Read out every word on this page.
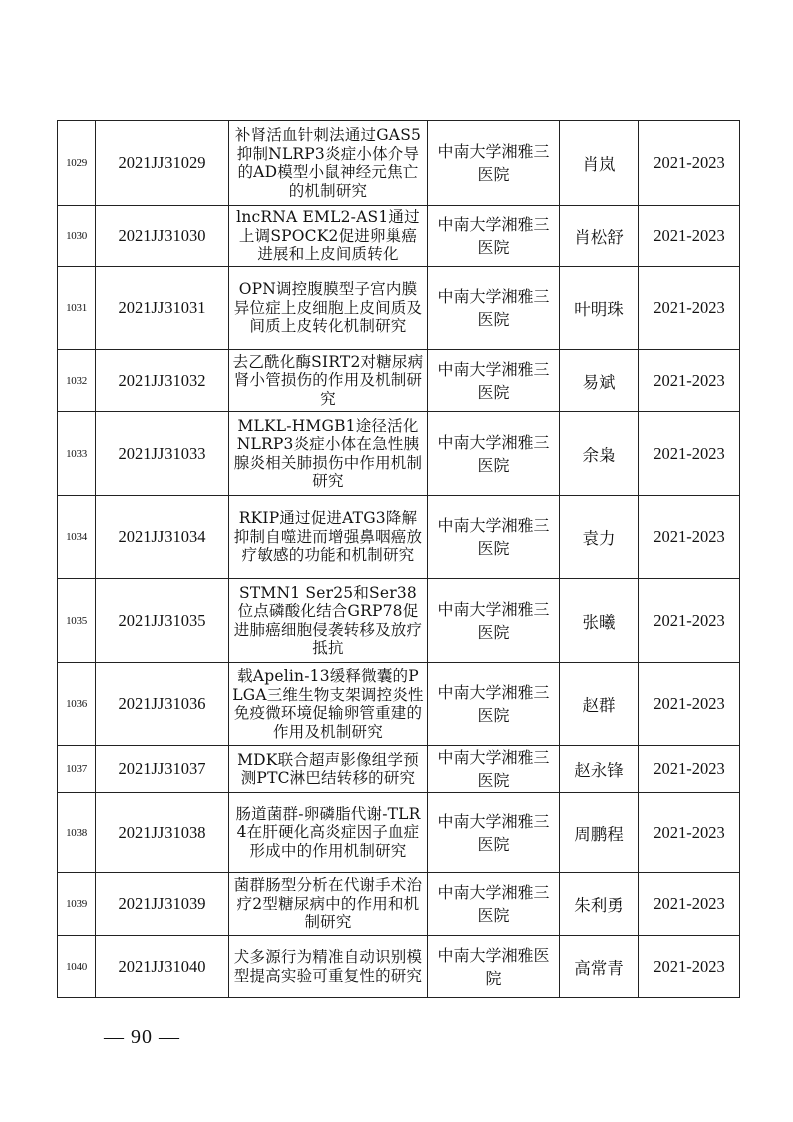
1029	2021JJ31029	补肾活血针刺法通过GAS5抑制NLRP3炎症小体介导的AD模型小鼠神经元焦亡的机制研究	中南大学湘雅三医院	肖岚	2021-2023
1030	2021JJ31030	lncRNA EML2-AS1通过上调SPOCK2促进卵巢癌进展和上皮间质转化	中南大学湘雅三医院	肖松舒	2021-2023
1031	2021JJ31031	OPN调控腹膜型子宫内膜异位症上皮细胞上皮间质及间质上皮转化机制研究	中南大学湘雅三医院	叶明珠	2021-2023
1032	2021JJ31032	去乙酰化酶SIRT2对糖尿病肾小管损伤的作用及机制研究	中南大学湘雅三医院	易斌	2021-2023
1033	2021JJ31033	MLKL-HMGB1途径活化NLRP3炎症小体在急性胰腺炎相关肺损伤中作用机制研究	中南大学湘雅三医院	余枭	2021-2023
1034	2021JJ31034	RKIP通过促进ATG3降解抑制自噬进而增强鼻咽癌放疗敏感的功能和机制研究	中南大学湘雅三医院	袁力	2021-2023
1035	2021JJ31035	STMN1 Ser25和Ser38位点磷酸化结合GRP78促进肺癌细胞侵袭转移及放疗抵抗	中南大学湘雅三医院	张曦	2021-2023
1036	2021JJ31036	载Apelin-13缓释微囊的PLGA三维生物支架调控炎性免疫微环境促输卵管重建的作用及机制研究	中南大学湘雅三医院	赵群	2021-2023
1037	2021JJ31037	MDK联合超声影像组学预测PTC淋巴结转移的研究	中南大学湘雅三医院	赵永锋	2021-2023
1038	2021JJ31038	肠道菌群-卵磷脂代谢-TLR4在肝硬化高炎症因子血症形成中的作用机制研究	中南大学湘雅三医院	周鹏程	2021-2023
1039	2021JJ31039	菌群肠型分析在代谢手术治疗2型糖尿病中的作用和机制研究	中南大学湘雅三医院	朱利勇	2021-2023
1040	2021JJ31040	犬多源行为精准自动识别模型提高实验可重复性的研究	中南大学湘雅医院	高常青	2021-2023
— 90 —
